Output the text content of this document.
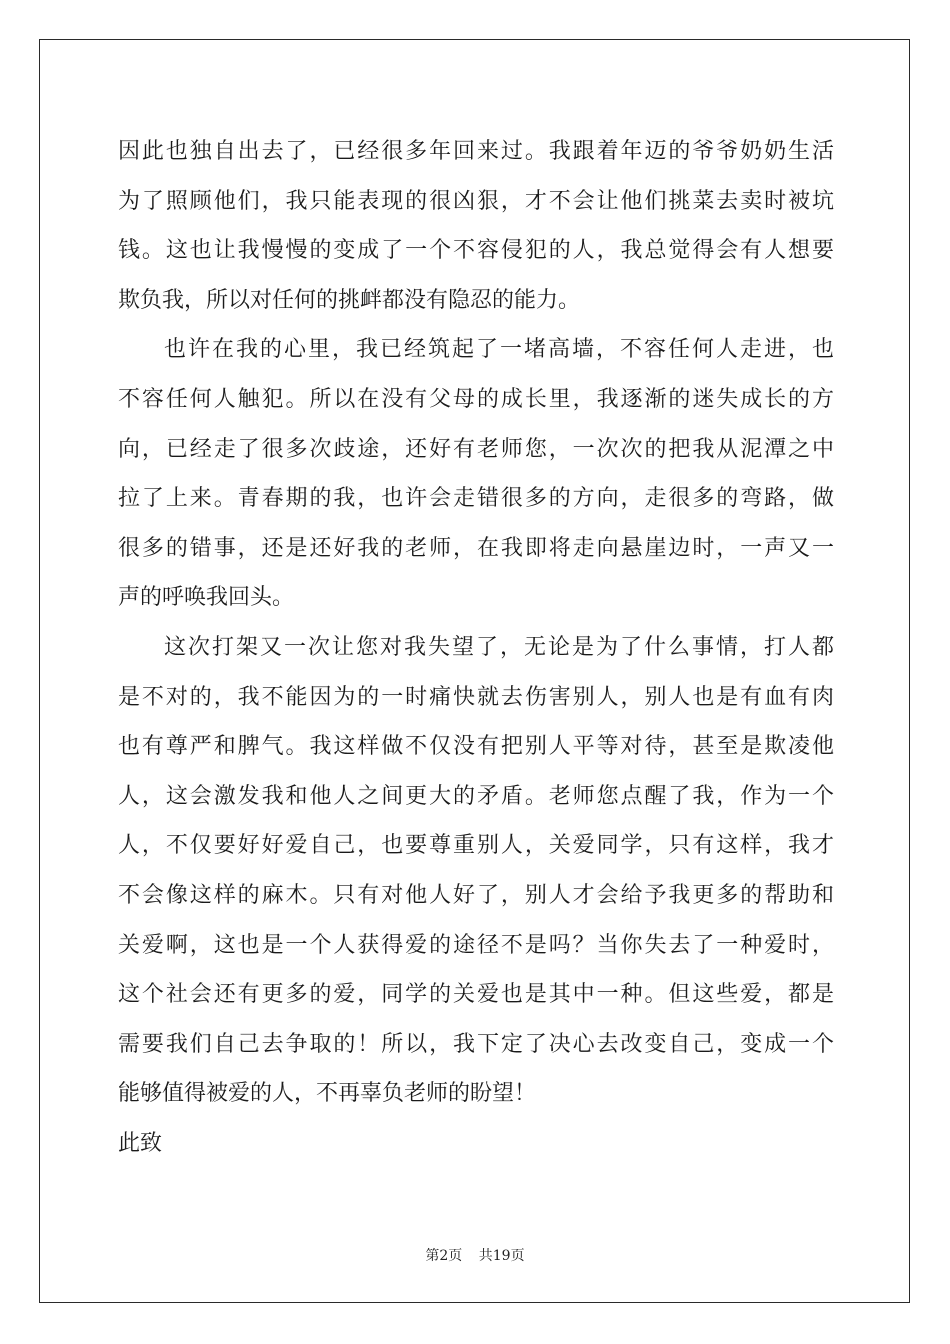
因此也独自出去了，已经很多年回来过。我跟着年迈的爷爷奶奶生活
为了照顾他们，我只能表现的很凶狠，才不会让他们挑菜去卖时被坑
钱。这也让我慢慢的变成了一个不容侵犯的人，我总觉得会有人想要
欺负我，所以对任何的挑衅都没有隐忍的能力。
也许在我的心里，我已经筑起了一堵高墙，不容任何人走进，也
不容任何人触犯。所以在没有父母的成长里，我逐渐的迷失成长的方
向，已经走了很多次歧途，还好有老师您，一次次的把我从泥潭之中
拉了上来。青春期的我，也许会走错很多的方向，走很多的弯路，做
很多的错事，还是还好我的老师，在我即将走向悬崖边时，一声又一
声的呼唤我回头。
这次打架又一次让您对我失望了，无论是为了什么事情，打人都
是不对的，我不能因为的一时痛快就去伤害别人，别人也是有血有肉
也有尊严和脾气。我这样做不仅没有把别人平等对待，甚至是欺凌他
人，这会激发我和他人之间更大的矛盾。老师您点醒了我，作为一个
人，不仅要好好爱自己，也要尊重别人，关爱同学，只有这样，我才
不会像这样的麻木。只有对他人好了，别人才会给予我更多的帮助和
关爱啊，这也是一个人获得爱的途径不是吗？当你失去了一种爱时，
这个社会还有更多的爱，同学的关爱也是其中一种。但这些爱，都是
需要我们自己去争取的！所以，我下定了决心去改变自己，变成一个
能够值得被爱的人，不再辜负老师的盼望！
此致
第2页 共19页
